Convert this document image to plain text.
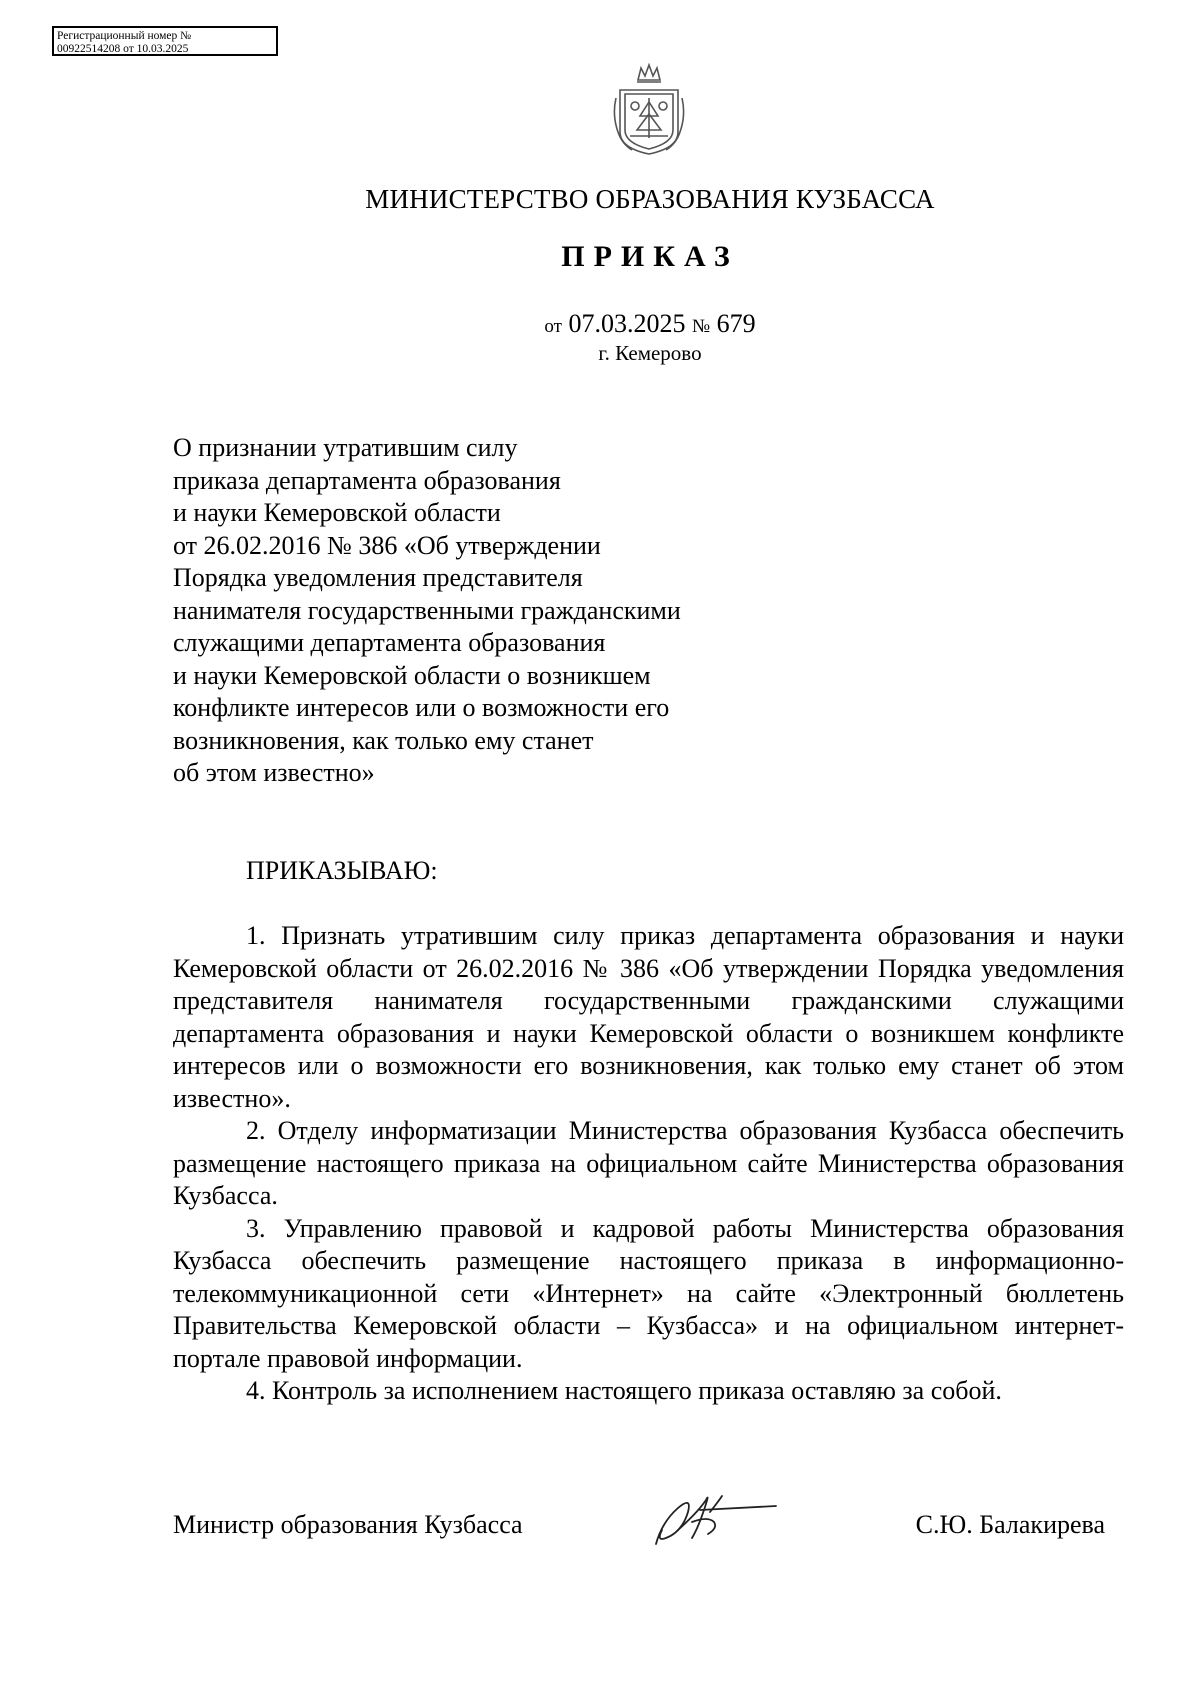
Регистрационный номер №
00922514208 от 10.03.2025
МИНИСТЕРСТВО ОБРАЗОВАНИЯ КУЗБАССА
ПРИКАЗ
от 07.03.2025 № 679
г. Кемерово
О признании утратившим силу
приказа департамента образования
и науки Кемеровской области
от 26.02.2016 № 386 «Об утверждении
Порядка уведомления представителя
нанимателя государственными гражданскими
служащими департамента образования
и науки Кемеровской области о возникшем
конфликте интересов или о возможности его
возникновения, как только ему станет
об этом известно»
ПРИКАЗЫВАЮ:

1. Признать утратившим силу приказ департамента образования и науки Кемеровской области от 26.02.2016 № 386 «Об утверждении Порядка уведомления представителя нанимателя государственными гражданскими служащими департамента образования и науки Кемеровской области о возникшем конфликте интересов или о возможности его возникновения, как только ему станет об этом известно».

2. Отделу информатизации Министерства образования Кузбасса обеспечить размещение настоящего приказа на официальном сайте Министерства образования Кузбасса.

3. Управлению правовой и кадровой работы Министерства образования Кузбасса обеспечить размещение настоящего приказа в информационно-телекоммуникационной сети «Интернет» на сайте «Электронный бюллетень Правительства Кемеровской области – Кузбасса» и на официальном интернет-портале правовой информации.

4. Контроль за исполнением настоящего приказа оставляю за собой.

Министр образования Кузбасса	С.Ю. Балакирева
